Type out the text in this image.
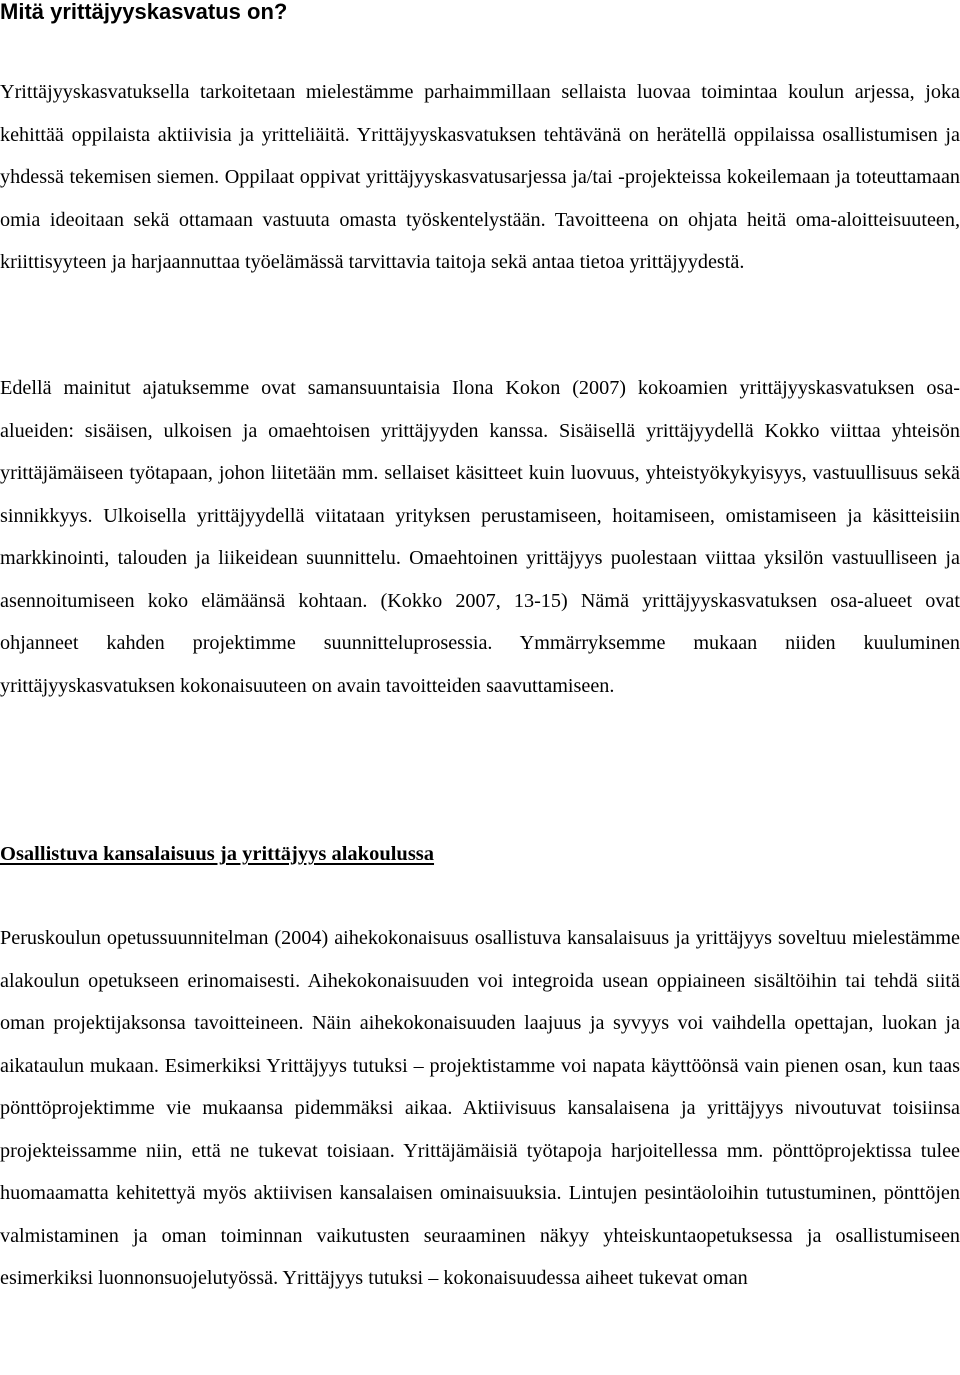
Mitä yrittäjyyskasvatus on?

Yrittäjyyskasvatuksella tarkoitetaan mielestämme parhaimmillaan sellaista luovaa toimintaa koulun arjessa, joka kehittää oppilaista aktiivisia ja yritteliäitä. Yrittäjyyskasvatuksen tehtävänä on herätellä oppilaissa osallistumisen ja yhdessä tekemisen siemen. Oppilaat oppivat yrittäjyyskasvatusarjessa ja/tai -projekteissa kokeilemaan ja toteuttamaan omia ideoitaan sekä ottamaan vastuuta omasta työskentelystään. Tavoitteena on ohjata heitä oma-aloitteisuuteen, kriittisyyteen ja harjaannuttaa työelämässä tarvittavia taitoja sekä antaa tietoa yrittäjyydestä.

Edellä mainitut ajatuksemme ovat samansuuntaisia Ilona Kokon (2007) kokoamien yrittäjyyskasvatuksen osa-alueiden: sisäisen, ulkoisen ja omaehtoisen yrittäjyyden kanssa. Sisäisellä yrittäjyydellä Kokko viittaa yhteisön yrittäjämäiseen työtapaan, johon liitetään mm. sellaiset käsitteet kuin luovuus, yhteistyökykyisyys, vastuullisuus sekä sinnikkyys. Ulkoisella yrittäjyydellä viitataan yrityksen perustamiseen, hoitamiseen, omistamiseen ja käsitteisiin markkinointi, talouden ja liikeidean suunnittelu. Omaehtoinen yrittäjyys puolestaan viittaa yksilön vastuulliseen ja asennoitumiseen koko elämäänsä kohtaan. (Kokko 2007, 13-15) Nämä yrittäjyyskasvatuksen osa-alueet ovat ohjanneet kahden projektimme suunnitteluprosessia. Ymmärryksemme mukaan niiden kuuluminen yrittäjyyskasvatuksen kokonaisuuteen on avain tavoitteiden saavuttamiseen.

Osallistuva kansalaisuus ja yrittäjyys alakoulussa

Peruskoulun opetussuunnitelman (2004) aihekokonaisuus osallistuva kansalaisuus ja yrittäjyys soveltuu mielestämme alakoulun opetukseen erinomaisesti. Aihekokonaisuuden voi integroida usean oppiaineen sisältöihin tai tehdä siitä oman projektijaksonsa tavoitteineen. Näin aihekokonaisuuden laajuus ja syvyys voi vaihdella opettajan, luokan ja aikataulun mukaan. Esimerkiksi Yrittäjyys tutuksi – projektistamme voi napata käyttöönsä vain pienen osan, kun taas pönttöprojektimme vie mukaansa pidemmäksi aikaa. Aktiivisuus kansalaisena ja yrittäjyys nivoutuvat toisiinsa projekteissamme niin, että ne tukevat toisiaan. Yrittäjämäisiä työtapoja harjoitellessa mm. pönttöprojektissa tulee huomaamatta kehitettyä myös aktiivisen kansalaisen ominaisuuksia. Lintujen pesintäoloihin tutustuminen, pönttöjen valmistaminen ja oman toiminnan vaikutusten seuraaminen näkyy yhteiskuntaopetuksessa ja osallistumiseen esimerkiksi luonnonsuojelutyössä. Yrittäjyys tutuksi – kokonaisuudessa aiheet tukevat oman
